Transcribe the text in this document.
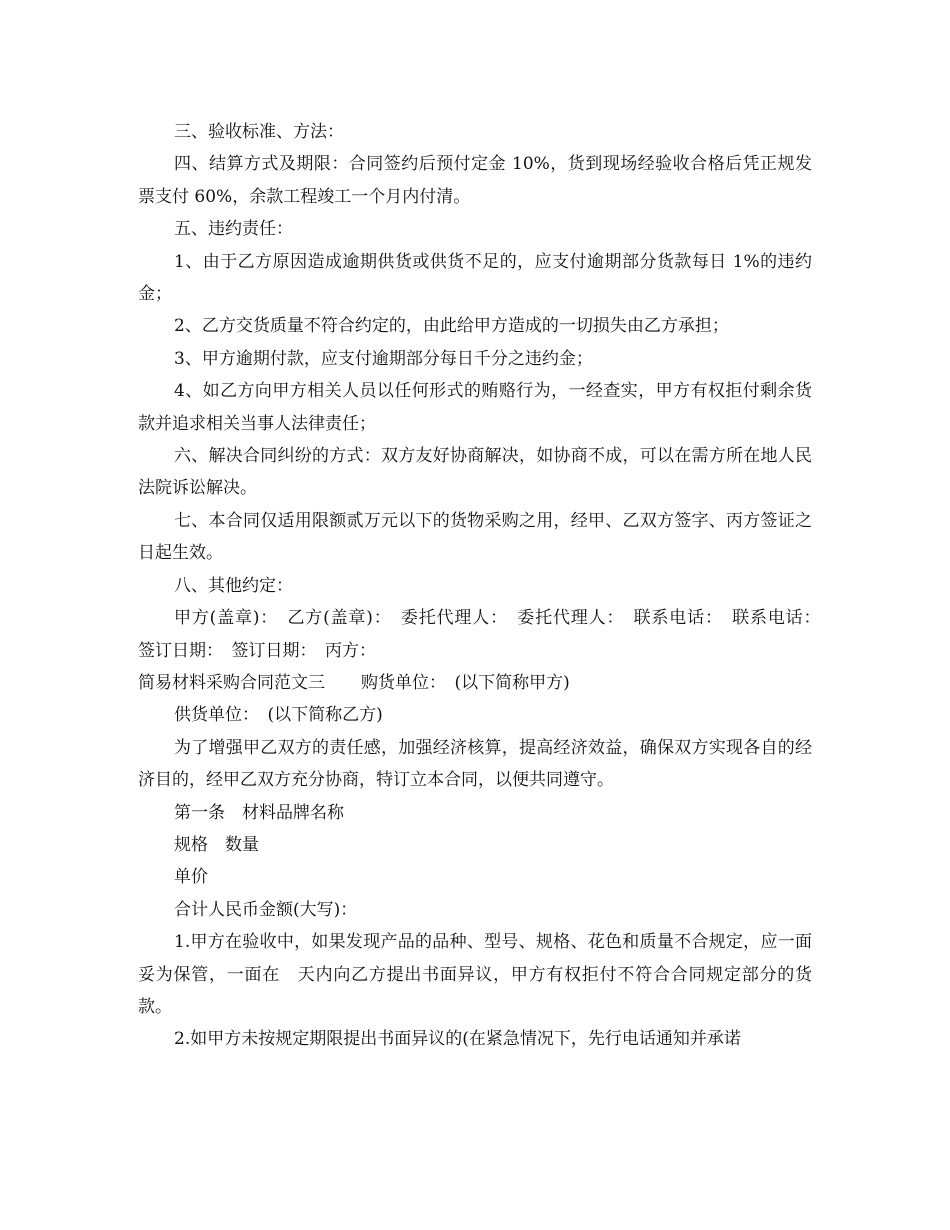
三、验收标准、方法：

四、结算方式及期限：合同签约后预付定金 10%，货到现场经验收合格后凭正规发票支付 60%，余款工程竣工一个月内付清。

五、违约责任：

1、由于乙方原因造成逾期供货或供货不足的，应支付逾期部分货款每日 1%的违约金；

2、乙方交货质量不符合约定的，由此给甲方造成的一切损失由乙方承担；

3、甲方逾期付款，应支付逾期部分每日千分之违约金；

4、如乙方向甲方相关人员以任何形式的贿赂行为，一经查实，甲方有权拒付剩余货款并追求相关当事人法律责任；

六、解决合同纠纷的方式：双方友好协商解决，如协商不成，可以在需方所在地人民法院诉讼解决。

七、本合同仅适用限额贰万元以下的货物采购之用，经甲、乙双方签字、丙方签证之日起生效。

八、其他约定：

甲方(盖章)：　乙方(盖章)：　委托代理人：　委托代理人：　联系电话：　联系电话：　签订日期：　签订日期：　丙方：

简易材料采购合同范文三 购货单位：　(以下简称甲方)

供货单位：　(以下简称乙方)

为了增强甲乙双方的责任感，加强经济核算，提高经济效益，确保双方实现各自的经济目的，经甲乙双方充分协商，特订立本合同，以便共同遵守。

第一条　材料品牌名称

规格　数量

单价

合计人民币金额(大写)：

1.甲方在验收中，如果发现产品的品种、型号、规格、花色和质量不合规定，应一面妥为保管，一面在　天内向乙方提出书面异议，甲方有权拒付不符合合同规定部分的货款。

2.如甲方未按规定期限提出书面异议的(在紧急情况下，先行电话通知并承诺
